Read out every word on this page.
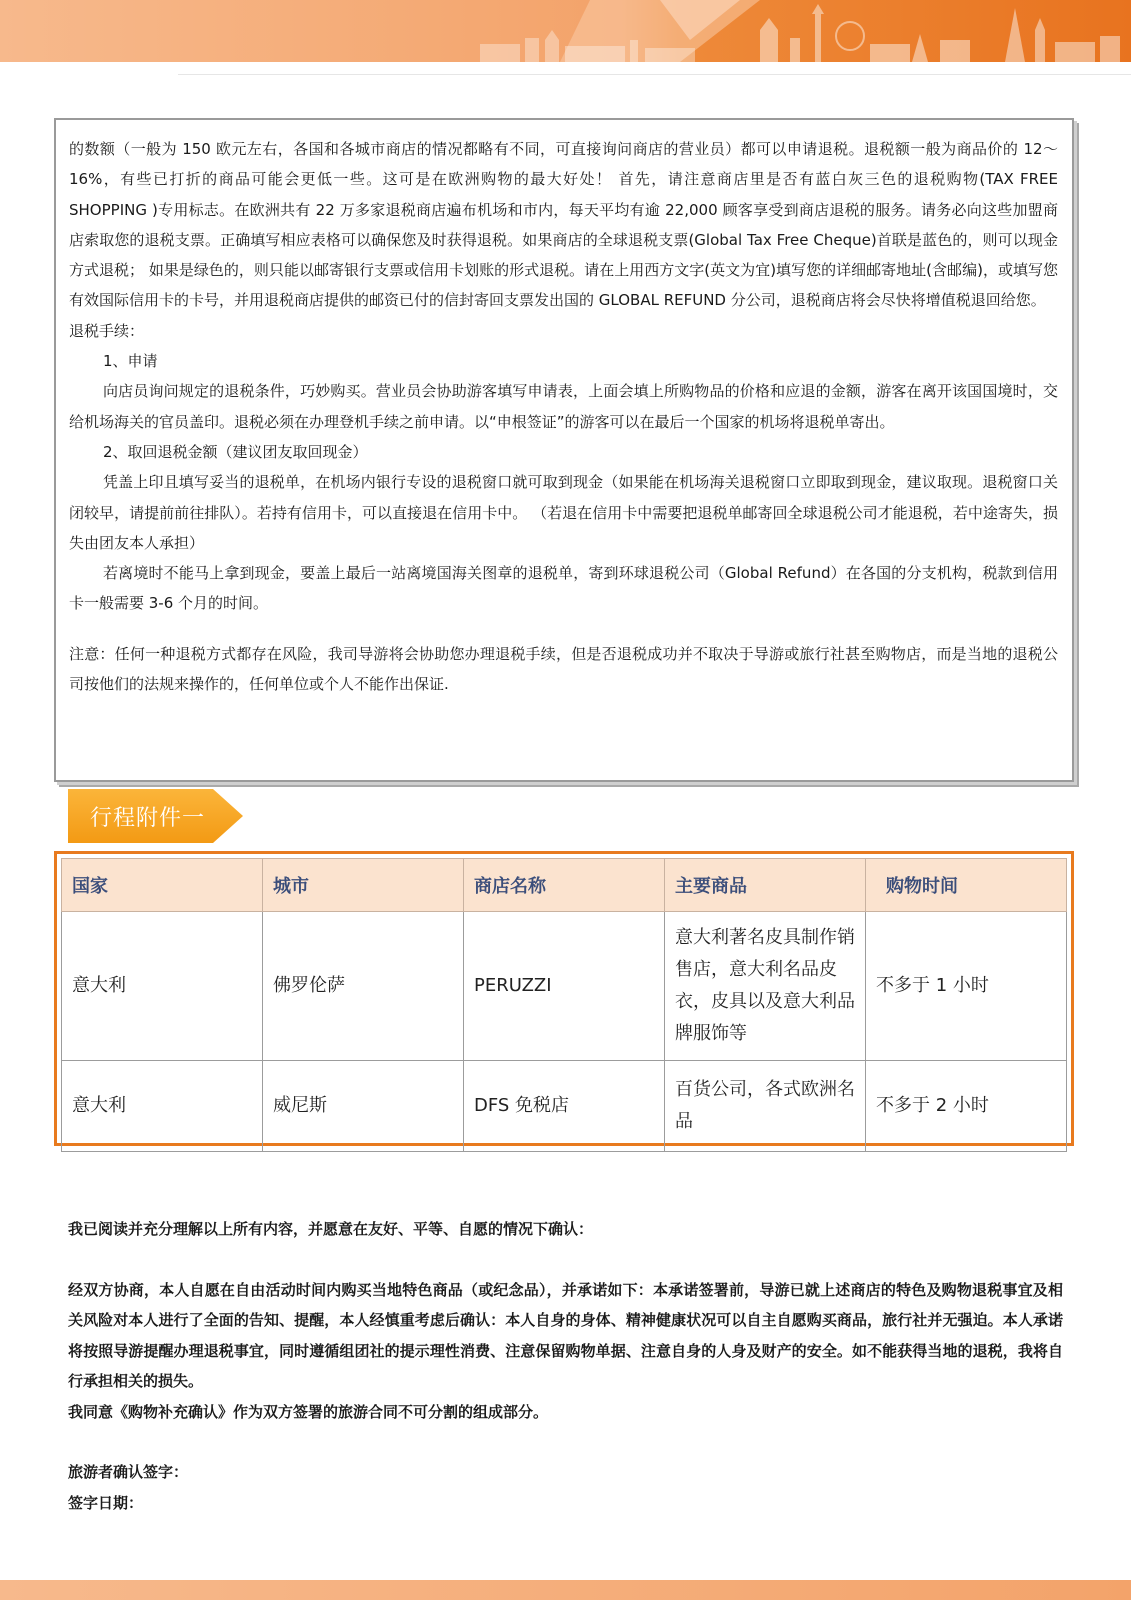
的数额（一般为 150 欧元左右，各国和各城市商店的情况都略有不同，可直接询问商店的营业员）都可以申请退税。退税额一般为商品价的 12～16%，有些已打折的商品可能会更低一些。这可是在欧洲购物的最大好处！ 首先，请注意商店里是否有蓝白灰三色的退税购物(TAX FREE SHOPPING )专用标志。在欧洲共有 22 万多家退税商店遍布机场和市内，每天平均有逾 22,000 顾客享受到商店退税的服务。请务必向这些加盟商店索取您的退税支票。正确填写相应表格可以确保您及时获得退税。如果商店的全球退税支票(Global Tax Free Cheque)首联是蓝色的，则可以现金方式退税； 如果是绿色的，则只能以邮寄银行支票或信用卡划账的形式退税。请在上用西方文字(英文为宜)填写您的详细邮寄地址(含邮编)，或填写您有效国际信用卡的卡号，并用退税商店提供的邮资已付的信封寄回支票发出国的 GLOBAL REFUND 分公司，退税商店将会尽快将增值税退回给您。

退税手续：

1、申请

向店员询问规定的退税条件，巧妙购买。营业员会协助游客填写申请表，上面会填上所购物品的价格和应退的金额，游客在离开该国国境时，交给机场海关的官员盖印。退税必须在办理登机手续之前申请。以“申根签证”的游客可以在最后一个国家的机场将退税单寄出。

2、取回退税金额（建议团友取回现金）

凭盖上印且填写妥当的退税单，在机场内银行专设的退税窗口就可取到现金（如果能在机场海关退税窗口立即取到现金，建议取现。退税窗口关闭较早，请提前前往排队）。若持有信用卡，可以直接退在信用卡中。 （若退在信用卡中需要把退税单邮寄回全球退税公司才能退税，若中途寄失，损失由团友本人承担）

若离境时不能马上拿到现金，要盖上最后一站离境国海关图章的退税单，寄到环球退税公司（Global Refund）在各国的分支机构，税款到信用卡一般需要 3-6 个月的时间。

注意：任何一种退税方式都存在风险，我司导游将会协助您办理退税手续，但是否退税成功并不取决于导游或旅行社甚至购物店，而是当地的退税公司按他们的法规来操作的，任何单位或个人不能作出保证.

行程附件一
国家	城市	商店名称	主要商品	购物时间
意大利	佛罗伦萨	PERUZZI	意大利著名皮具制作销售店，意大利名品皮衣，皮具以及意大利品牌服饰等	不多于 1 小时
意大利	威尼斯	DFS 免税店	百货公司，各式欧洲名品	不多于 2 小时

我已阅读并充分理解以上所有内容，并愿意在友好、平等、自愿的情况下确认：

经双方协商，本人自愿在自由活动时间内购买当地特色商品（或纪念品），并承诺如下：本承诺签署前，导游已就上述商店的特色及购物退税事宜及相关风险对本人进行了全面的告知、提醒，本人经慎重考虑后确认：本人自身的身体、精神健康状况可以自主自愿购买商品，旅行社并无强迫。本人承诺将按照导游提醒办理退税事宜，同时遵循组团社的提示理性消费、注意保留购物单据、注意自身的人身及财产的安全。如不能获得当地的退税，我将自行承担相关的损失。

我同意《购物补充确认》作为双方签署的旅游合同不可分割的组成部分。

旅游者确认签字：

签字日期：
